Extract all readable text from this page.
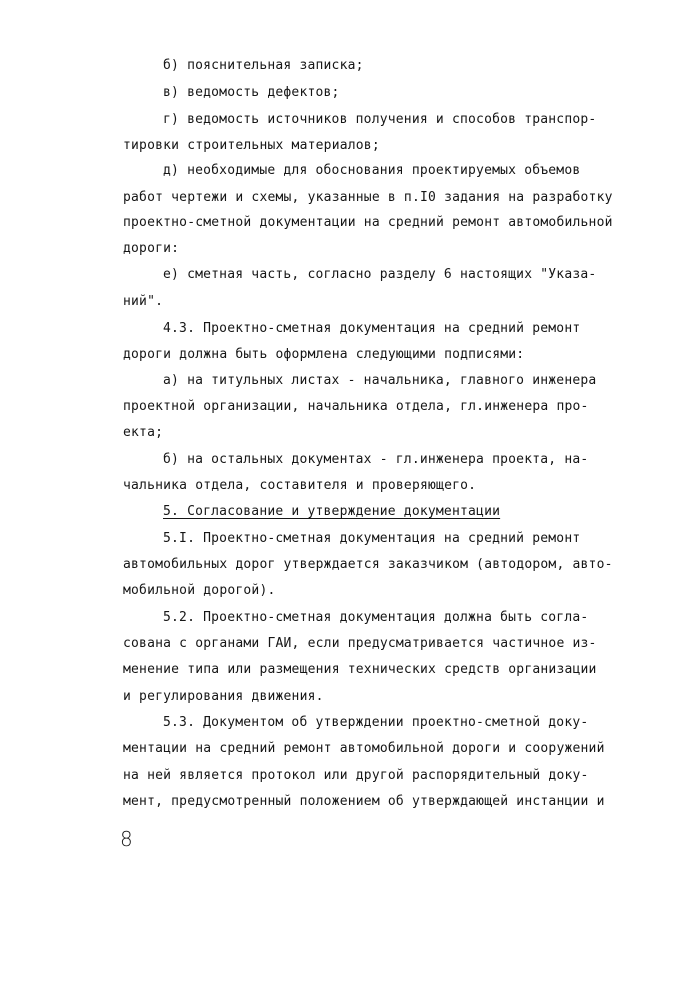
б) пояснительная записка;
в) ведомость дефектов;
г) ведомость источников получения и способов транспор-
тировки строительных материалов;
д) необходимые для обоснования проектируемых объемов
работ чертежи и схемы, указанные в п.I0 задания на разработку
проектно-сметной документации на средний ремонт автомобильной
дороги:
е) сметная часть, согласно разделу 6 настоящих "Указа-
ний".
4.3. Проектно-сметная документация на средний ремонт
дороги должна быть оформлена следующими подписями:
а) на титульных листах - начальника, главного инженера
проектной организации, начальника отдела, гл.инженера про-
екта;
б) на остальных документах - гл.инженера проекта, на-
чальника отдела, составителя и проверяющего.
5. Согласование и утверждение документации
5.I. Проектно-сметная документация на средний ремонт
автомобильных дорог утверждается заказчиком (автодором, авто-
мобильной дорогой).
5.2. Проектно-сметная документация должна быть согла-
сована с органами ГАИ, если предусматривается частичное из-
менение типа или размещения технических средств организации
и регулирования движения.
5.3. Документом об утверждении проектно-сметной доку-
ментации на средний ремонт автомобильной дороги и сооружений
на ней является протокол или другой распорядительный доку-
мент, предусмотренный положением об утверждающей инстанции и
8
